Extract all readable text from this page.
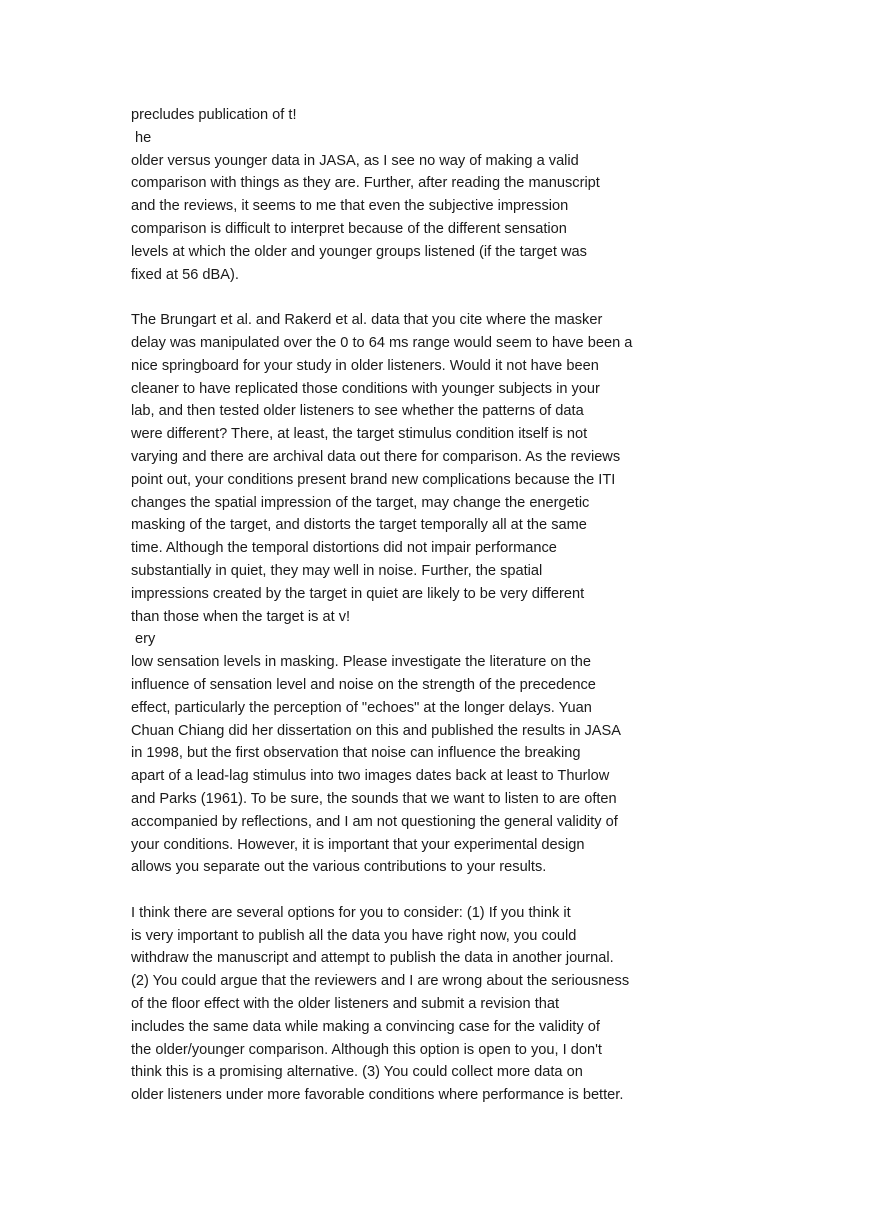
precludes publication of t!
he
older versus younger data in JASA, as I see no way of making a valid
comparison with things as they are. Further, after reading the manuscript
and the reviews, it seems to me that even the subjective impression
comparison is difficult to interpret because of the different sensation
levels at which the older and younger groups listened (if the target was
fixed at 56 dBA).
The Brungart et al. and Rakerd et al. data that you cite where the masker
delay was manipulated over the 0 to 64 ms range would seem to have been a
nice springboard for your study in older listeners. Would it not have been
cleaner to have replicated those conditions with younger subjects in your
lab, and then tested older listeners to see whether the patterns of data
were different? There, at least, the target stimulus condition itself is not
varying and there are archival data out there for comparison. As the reviews
point out, your conditions present brand new complications because the ITI
changes the spatial impression of the target, may change the energetic
masking of the target, and distorts the target temporally all at the same
time. Although the temporal distortions did not impair performance
substantially in quiet, they may well in noise. Further, the spatial
impressions created by the target in quiet are likely to be very different
than those when the target is at v!
ery
low sensation levels in masking. Please investigate the literature on the
influence of sensation level and noise on the strength of the precedence
effect, particularly the perception of "echoes" at the longer delays. Yuan
Chuan Chiang did her dissertation on this and published the results in JASA
in 1998, but the first observation that noise can influence the breaking
apart of a lead-lag stimulus into two images dates back at least to Thurlow
and Parks (1961). To be sure, the sounds that we want to listen to are often
accompanied by reflections, and I am not questioning the general validity of
your conditions. However, it is important that your experimental design
allows you separate out the various contributions to your results.
I think there are several options for you to consider: (1) If you think it
is very important to publish all the data you have right now, you could
withdraw the manuscript and attempt to publish the data in another journal.
(2) You could argue that the reviewers and I are wrong about the seriousness
of the floor effect with the older listeners and submit a revision that
includes the same data while making a convincing case for the validity of
the older/younger comparison. Although this option is open to you, I don't
think this is a promising alternative. (3) You could collect more data on
older listeners under more favorable conditions where performance is better.
